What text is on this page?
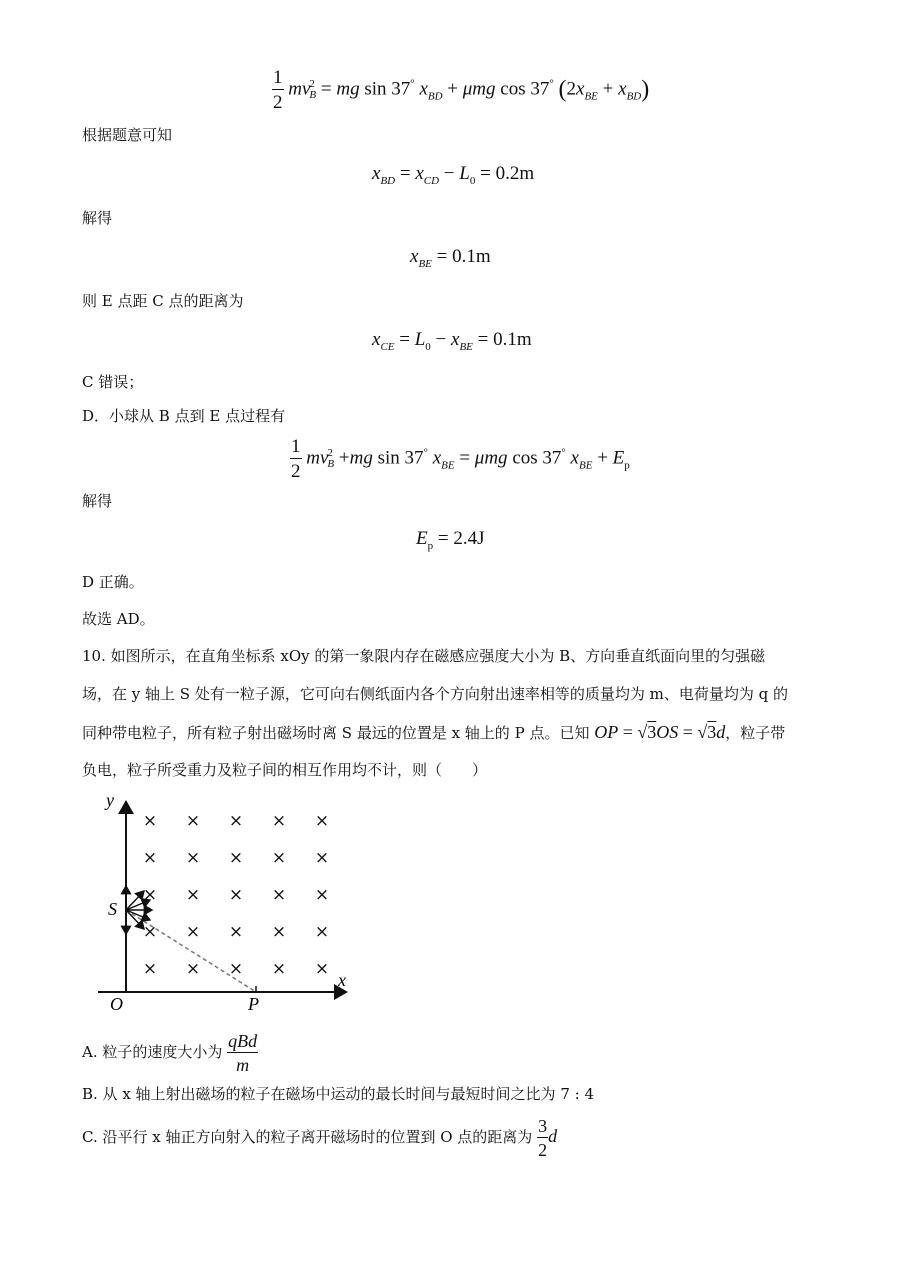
$\frac{1}{2}$ mv 2
B = mg sin 37° $x_{BD} + \mu mg$ cos 37° $(2x_{BE} + x_{BD})$
根据题意可知
$x_{BD} = x_{CD} - L_0 = 0.2m$
解得
$x_{BE} = 0.1m$
则 E 点距 C 点的距离为
$x_{CE} = L_0 - x_{BE} = 0.1m$
C 错误；
D．小球从 B 点到 E 点过程有
$\frac{1}{2}$ mv 2
B +mg sin 37° $x_{BE} = \mu mg$ cos 37° $x_{BE} + E_p$
解得
$E_p = 2.4J$
D 正确。
故选 AD。
10. 如图所示，在直角坐标系 xOy 的第一象限内存在磁感应强度大小为 B、方向垂直纸面向里的匀强磁
场，在 y 轴上 S 处有一粒子源，它可向右侧纸面内各个方向射出速率相等的质量均为 m、电荷量均为 q 的
同种带电粒子，所有粒子射出磁场时离 S 最远的位置是 x 轴上的 P 点。已知 OP = √3OS = √3d，粒子带
负电，粒子所受重力及粒子间的相互作用均不计，则（　　）
y
x
O	P
S
× × × × ×
× × × × ×
× × × × ×
× × × × ×
× × × × ×
A. 粒子的速度大小为 $\frac{\text{qBd}}{m}$
B. 从 x 轴上射出磁场的粒子在磁场中运动的最长时间与最短时间之比为 7 : 4
C. 沿平行 x 轴正方向射入的粒子离开磁场时的位置到 O 点的距离为 $\frac{3}{2}$ d
